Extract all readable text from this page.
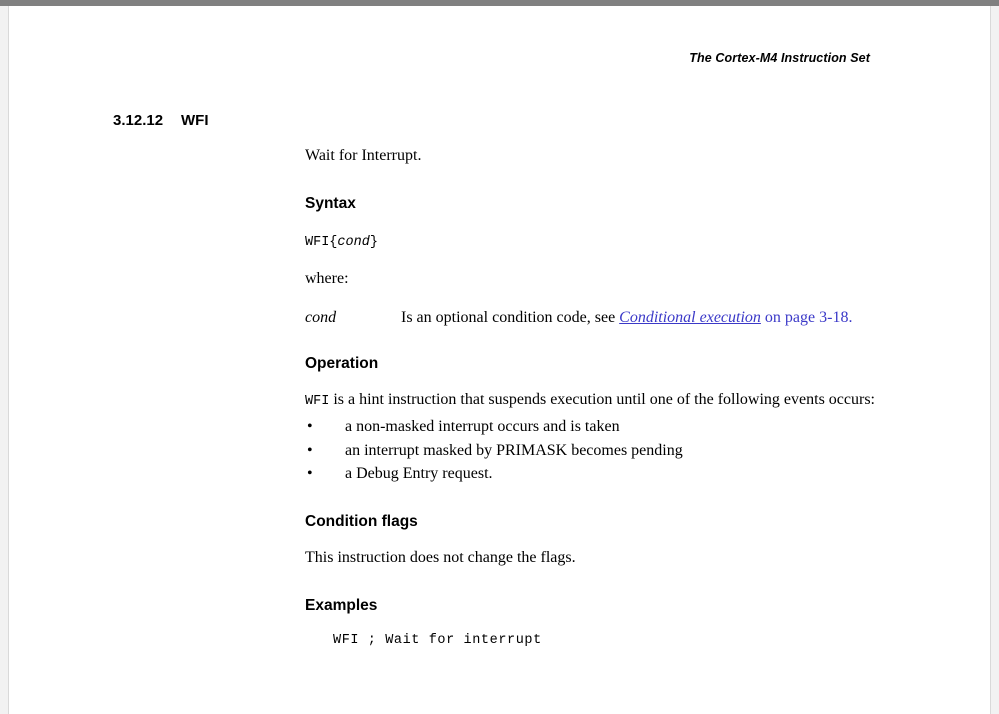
The Cortex-M4 Instruction Set
3.12.12 WFI

Wait for Interrupt.

Syntax
WFI{cond}

where:

cond	Is an optional condition code, see Conditional execution on page 3-18.
Operation

WFI is a hint instruction that suspends execution until one of the following events occurs:

• a non-masked interrupt occurs and is taken
• an interrupt masked by PRIMASK becomes pending
• a Debug Entry request.
Condition flags

This instruction does not change the flags.

Examples
WFI ; Wait for interrupt
